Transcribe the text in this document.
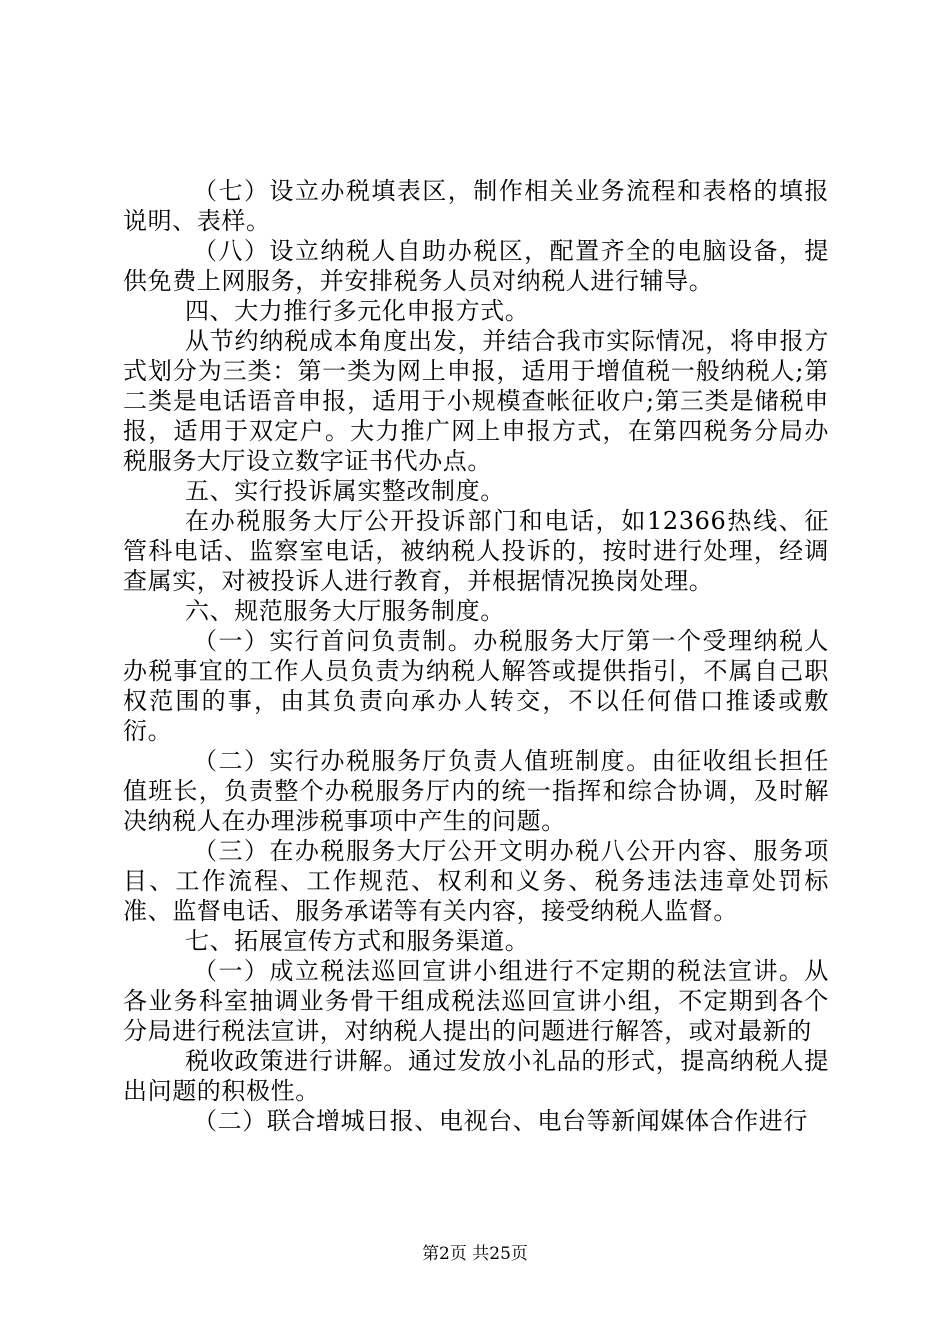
（七）设立办税填表区，制作相关业务流程和表格的填报说明、表样。

（八）设立纳税人自助办税区，配置齐全的电脑设备，提供免费上网服务，并安排税务人员对纳税人进行辅导。

四、大力推行多元化申报方式。

从节约纳税成本角度出发，并结合我市实际情况，将申报方式划分为三类：第一类为网上申报，适用于增值税一般纳税人;第二类是电话语音申报，适用于小规模查帐征收户;第三类是储税申报，适用于双定户。大力推广网上申报方式，在第四税务分局办税服务大厅设立数字证书代办点。

五、实行投诉属实整改制度。

在办税服务大厅公开投诉部门和电话，如12366热线、征管科电话、监察室电话，被纳税人投诉的，按时进行处理，经调查属实，对被投诉人进行教育，并根据情况换岗处理。

六、规范服务大厅服务制度。

（一）实行首问负责制。办税服务大厅第一个受理纳税人办税事宜的工作人员负责为纳税人解答或提供指引，不属自己职权范围的事，由其负责向承办人转交，不以任何借口推诿或敷衍。

（二）实行办税服务厅负责人值班制度。由征收组长担任值班长，负责整个办税服务厅内的统一指挥和综合协调，及时解决纳税人在办理涉税事项中产生的问题。

（三）在办税服务大厅公开文明办税八公开内容、服务项目、工作流程、工作规范、权利和义务、税务违法违章处罚标准、监督电话、服务承诺等有关内容，接受纳税人监督。

七、拓展宣传方式和服务渠道。

（一）成立税法巡回宣讲小组进行不定期的税法宣讲。从各业务科室抽调业务骨干组成税法巡回宣讲小组，不定期到各个分局进行税法宣讲，对纳税人提出的问题进行解答，或对最新的

税收政策进行讲解。通过发放小礼品的形式，提高纳税人提出问题的积极性。

（二）联合增城日报、电视台、电台等新闻媒体合作进行

第2页 共25页
